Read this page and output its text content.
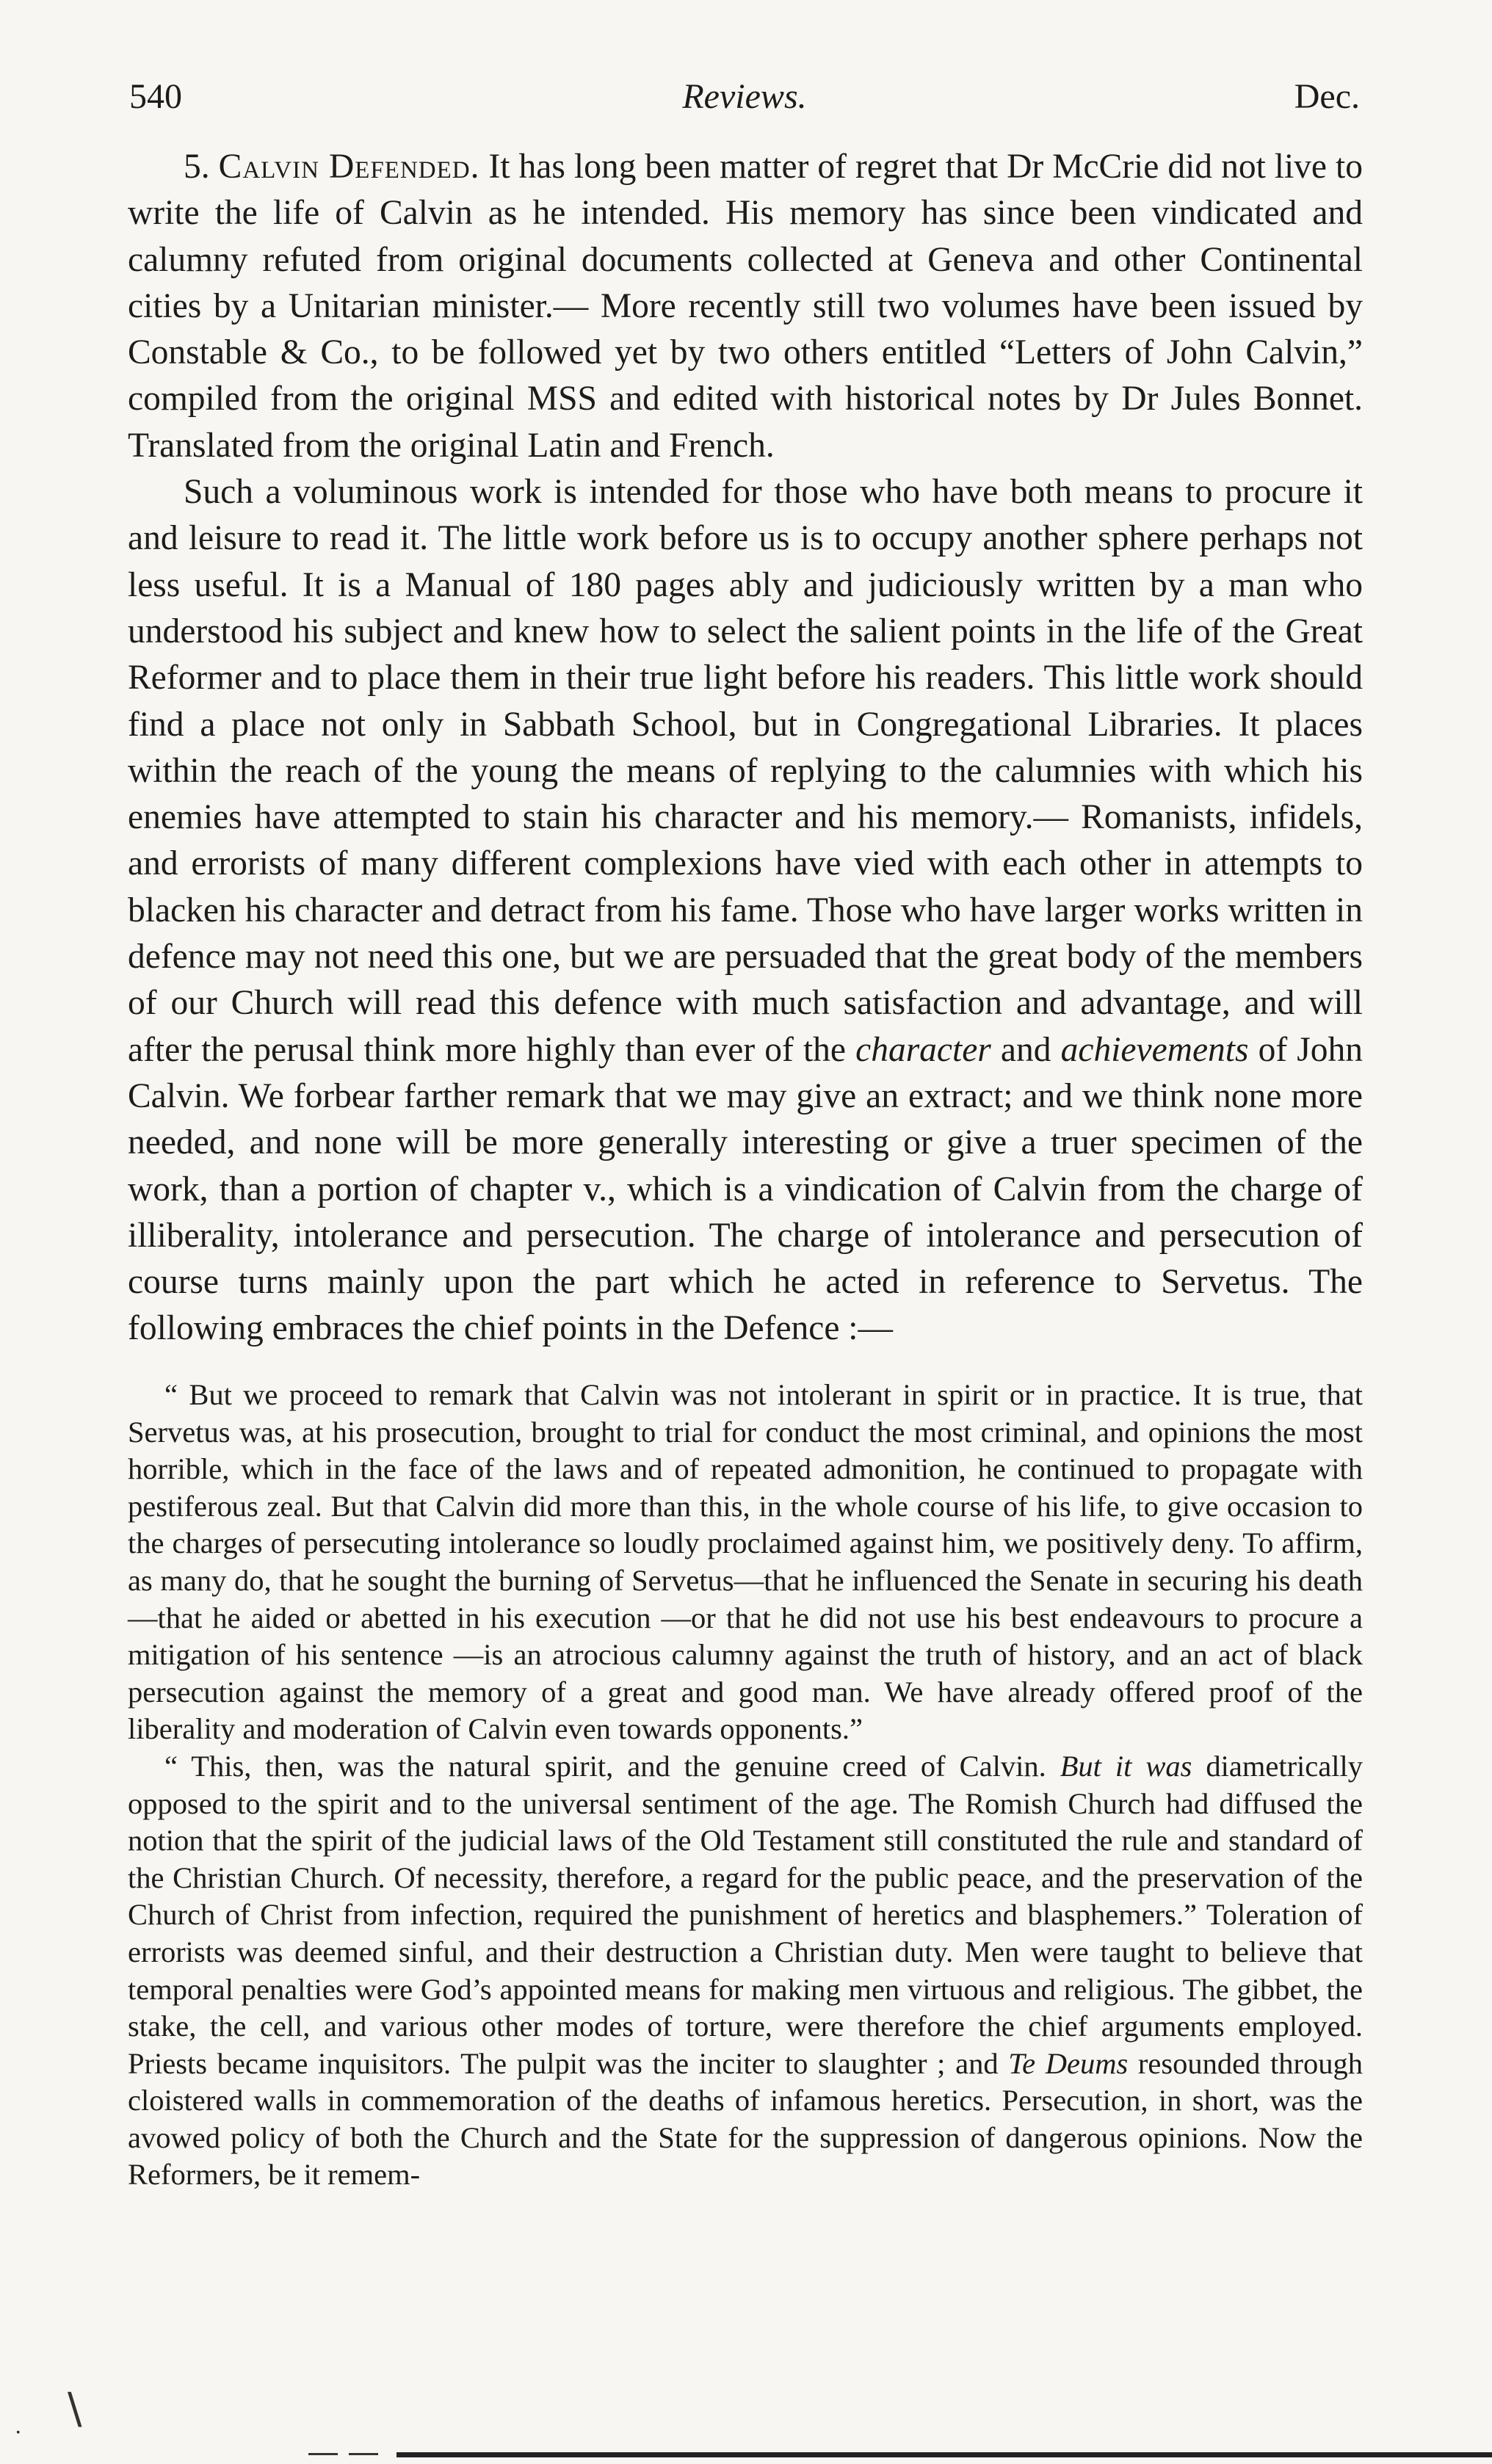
540	Reviews.	Dec.

5. Calvin Defended. It has long been matter of regret that Dr McCrie did not live to write the life of Calvin as he intended. His memory has since been vindicated and calumny refuted from original documents collected at Geneva and other Continental cities by a Unitarian minister.— More recently still two volumes have been issued by Constable & Co., to be followed yet by two others entitled “Letters of John Calvin,” compiled from the original MSS and edited with historical notes by Dr Jules Bonnet. Translated from the original Latin and French.

Such a voluminous work is intended for those who have both means to procure it and leisure to read it. The little work before us is to occupy another sphere perhaps not less useful. It is a Manual of 180 pages ably and judiciously written by a man who understood his subject and knew how to select the salient points in the life of the Great Reformer and to place them in their true light before his readers. This little work should find a place not only in Sabbath School, but in Congregational Libraries. It places within the reach of the young the means of replying to the calumnies with which his enemies have attempted to stain his character and his memory.— Romanists, infidels, and errorists of many different complexions have vied with each other in attempts to blacken his character and detract from his fame. Those who have larger works written in defence may not need this one, but we are persuaded that the great body of the members of our Church will read this defence with much satisfaction and advantage, and will after the perusal think more highly than ever of the character and achievements of John Calvin. We forbear farther remark that we may give an extract; and we think none more needed, and none will be more generally interesting or give a truer specimen of the work, than a portion of chapter v., which is a vindication of Calvin from the charge of illiberality, intolerance and persecution. The charge of intolerance and persecution of course turns mainly upon the part which he acted in reference to Servetus. The following embraces the chief points in the Defence :—

“ But we proceed to remark that Calvin was not intolerant in spirit or in practice. It is true, that Servetus was, at his prosecution, brought to trial for conduct the most criminal, and opinions the most horrible, which in the face of the laws and of repeated admonition, he continued to propagate with pestiferous zeal. But that Calvin did more than this, in the whole course of his life, to give occasion to the charges of persecuting intolerance so loudly proclaimed against him, we positively deny. To affirm, as many do, that he sought the burning of Servetus—that he influenced the Senate in securing his death—that he aided or abetted in his execution —or that he did not use his best endeavours to procure a mitigation of his sentence —is an atrocious calumny against the truth of history, and an act of black persecution against the memory of a great and good man. We have already offered proof of the liberality and moderation of Calvin even towards opponents.”

“ This, then, was the natural spirit, and the genuine creed of Calvin. But it was diametrically opposed to the spirit and to the universal sentiment of the age. The Romish Church had diffused the notion that the spirit of the judicial laws of the Old Testament still constituted the rule and standard of the Christian Church. Of necessity, therefore, a regard for the public peace, and the preservation of the Church of Christ from infection, required the punishment of heretics and blasphemers.” Toleration of errorists was deemed sinful, and their destruction a Christian duty. Men were taught to believe that temporal penalties were God’s appointed means for making men virtuous and religious. The gibbet, the stake, the cell, and various other modes of torture, were therefore the chief arguments employed. Priests became inquisitors. The pulpit was the inciter to slaughter ; and Te Deums resounded through cloistered walls in commemoration of the deaths of infamous heretics. Persecution, in short, was the avowed policy of both the Church and the State for the suppression of dangerous opinions. Now the Reformers, be it remem-

\
·
